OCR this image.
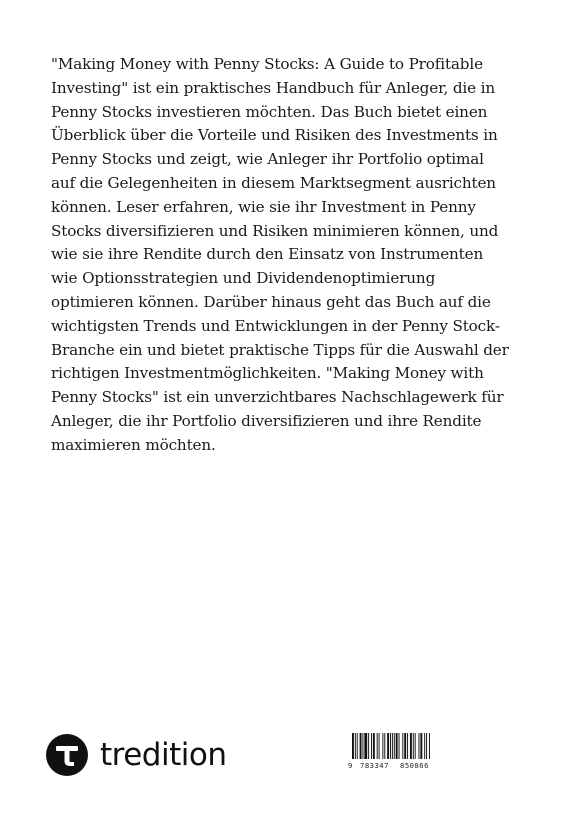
"Making Money with Penny Stocks: A Guide to Profitable Investing" ist ein praktisches Handbuch für Anleger, die in Penny Stocks investieren möchten. Das Buch bietet einen Überblick über die Vorteile und Risiken des Investments in Penny Stocks und zeigt, wie Anleger ihr Portfolio optimal auf die Gelegenheiten in diesem Marktsegment ausrichten können. Leser erfahren, wie sie ihr Investment in Penny Stocks diversifizieren und Risiken minimieren können, und wie sie ihre Rendite durch den Einsatz von Instrumenten wie Optionsstrategien und Dividendenoptimierung optimieren können. Darüber hinaus geht das Buch auf die wichtigsten Trends und Entwicklungen in der Penny Stock-Branche ein und bietet praktische Tipps für die Auswahl der richtigen Investmentmöglichkeiten. "Making Money with Penny Stocks" ist ein unverzichtbares Nachschlagewerk für Anleger, die ihr Portfolio diversifizieren und ihre Rendite maximieren möchten.

tredition	9	783347	850866
